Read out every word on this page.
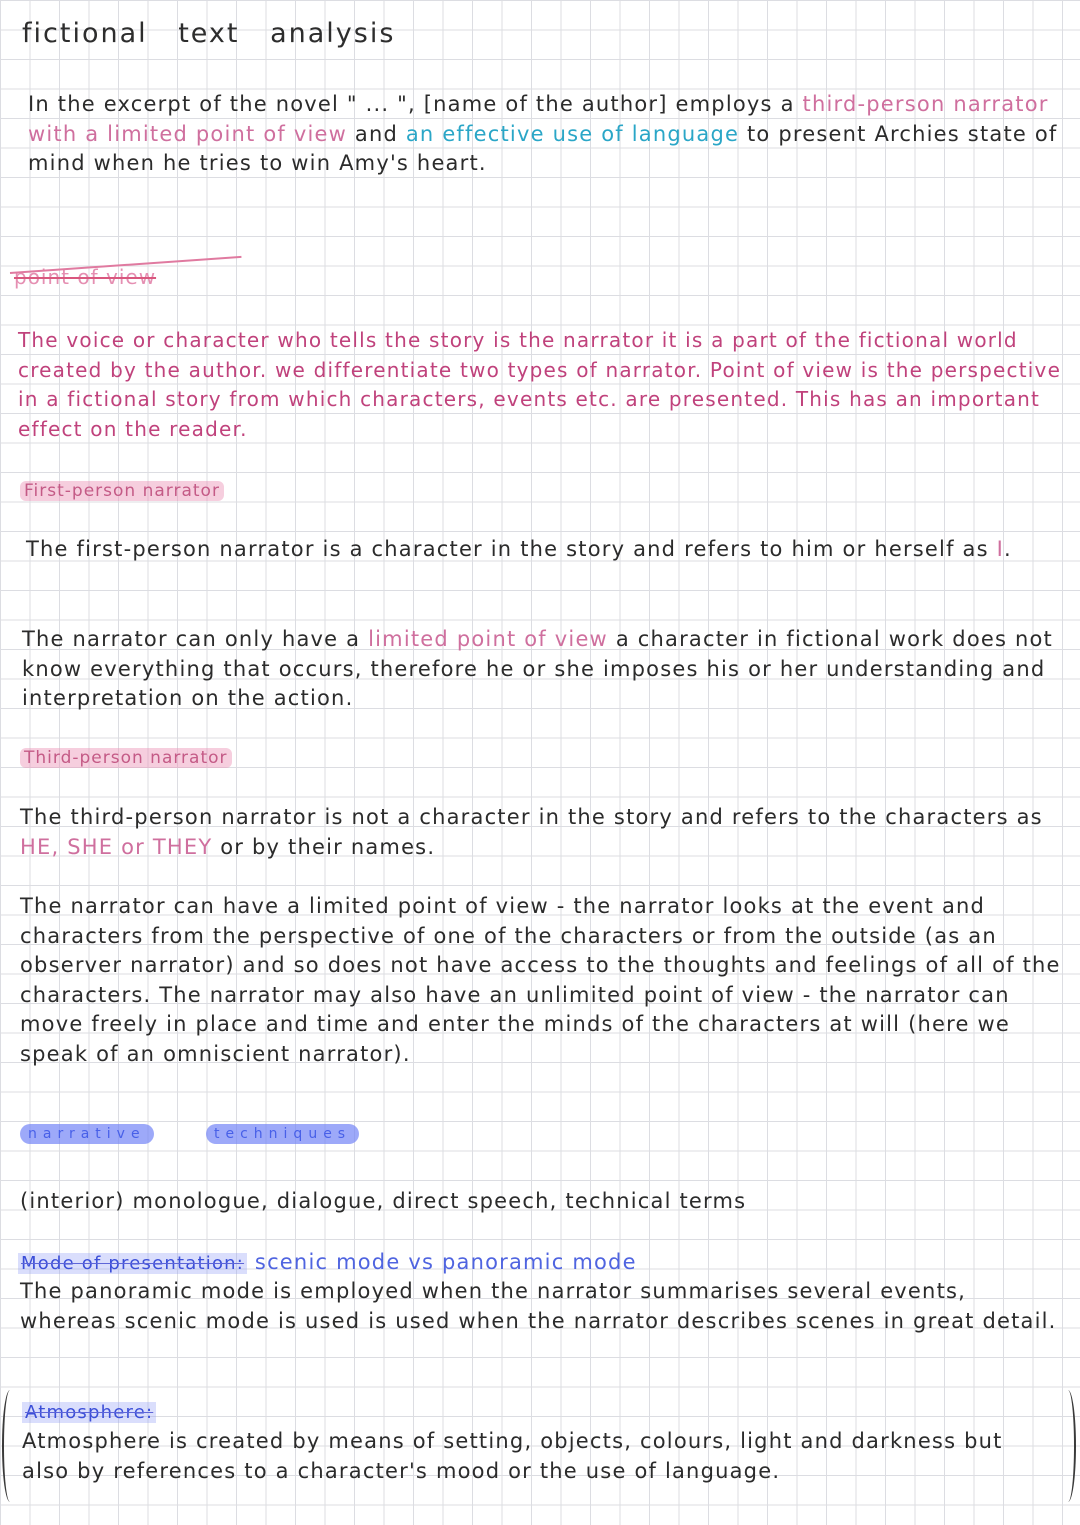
fictional text analysis
In the excerpt of the novel " ... ", [name of the author] employs a third-person narrator with a limited point of view and an effective use of language to present Archies state of mind when he tries to win Amy's heart.
point of view
The voice or character who tells the story is the narrator it is a part of the fictional world created by the author. we differentiate two types of narrator. Point of view is the perspective in a fictional story from which characters, events etc. are presented. This has an important effect on the reader.
First-person narrator
The first-person narrator is a character in the story and refers to him or herself as I.
The narrator can only have a limited point of view a character in fictional work does not know everything that occurs, therefore he or she imposes his or her understanding and interpretation on the action.
Third-person narrator
The third-person narrator is not a character in the story and refers to the characters as HE, SHE or THEY or by their names.
The narrator can have a limited point of view - the narrator looks at the event and characters from the perspective of one of the characters or from the outside (as an observer narrator) and so does not have access to the thoughts and feelings of all of the characters. The narrator may also have an unlimited point of view - the narrator can move freely in place and time and enter the minds of the characters at will (here we speak of an omniscient narrator).
narrative	techniques
(interior) monologue, dialogue, direct speech, technical terms
Mode of presentation: scenic mode vs panoramic mode
The panoramic mode is employed when the narrator summarises several events, whereas scenic mode is used is used when the narrator describes scenes in great detail.
Atmosphere:
Atmosphere is created by means of setting, objects, colours, light and darkness but also by references to a character's mood or the use of language.
